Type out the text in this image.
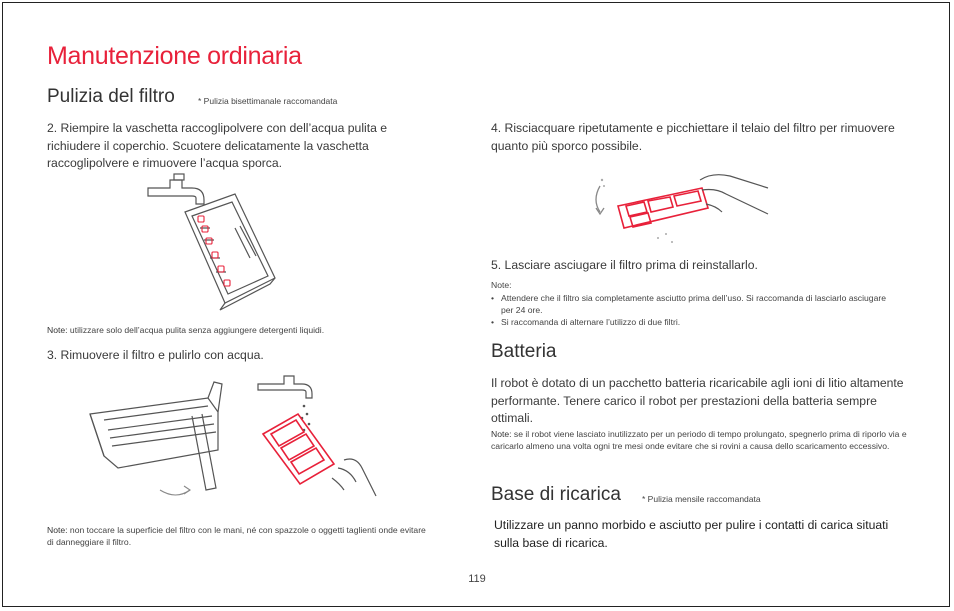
Manutenzione ordinaria
Pulizia del filtro	* Pulizia bisettimanale raccomandata
2. Riempire la vaschetta raccoglipolvere con dell’acqua pulita e richiudere il coperchio. Scuotere delicatamente la vaschetta raccoglipolvere e rimuovere l’acqua sporca.
Note: utilizzare solo dell’acqua pulita senza aggiungere detergenti liquidi.
3. Rimuovere il filtro e pulirlo con acqua.
Note: non toccare la superficie del filtro con le mani, né con spazzole o oggetti taglienti onde evitare di danneggiare il filtro.
4. Risciacquare ripetutamente e picchiettare il telaio del filtro per rimuovere quanto più sporco possibile.
5. Lasciare asciugare il filtro prima di reinstallarlo.
Note:
• Attendere che il filtro sia completamente asciutto prima dell’uso. Si raccomanda di lasciarlo asciugare per 24 ore.
• Si raccomanda di alternare l’utilizzo di due filtri.
Batteria
Il robot è dotato di un pacchetto batteria ricaricabile agli ioni di litio altamente performante. Tenere carico il robot per prestazioni della batteria sempre ottimali.
Note: se il robot viene lasciato inutilizzato per un periodo di tempo prolungato, spegnerlo prima di riporlo via e caricarlo almeno una volta ogni tre mesi onde evitare che si rovini a causa dello scaricamento eccessivo.
Base di ricarica * Pulizia mensile raccomandata
Utilizzare un panno morbido e asciutto per pulire i contatti di carica situati sulla base di ricarica.
119
